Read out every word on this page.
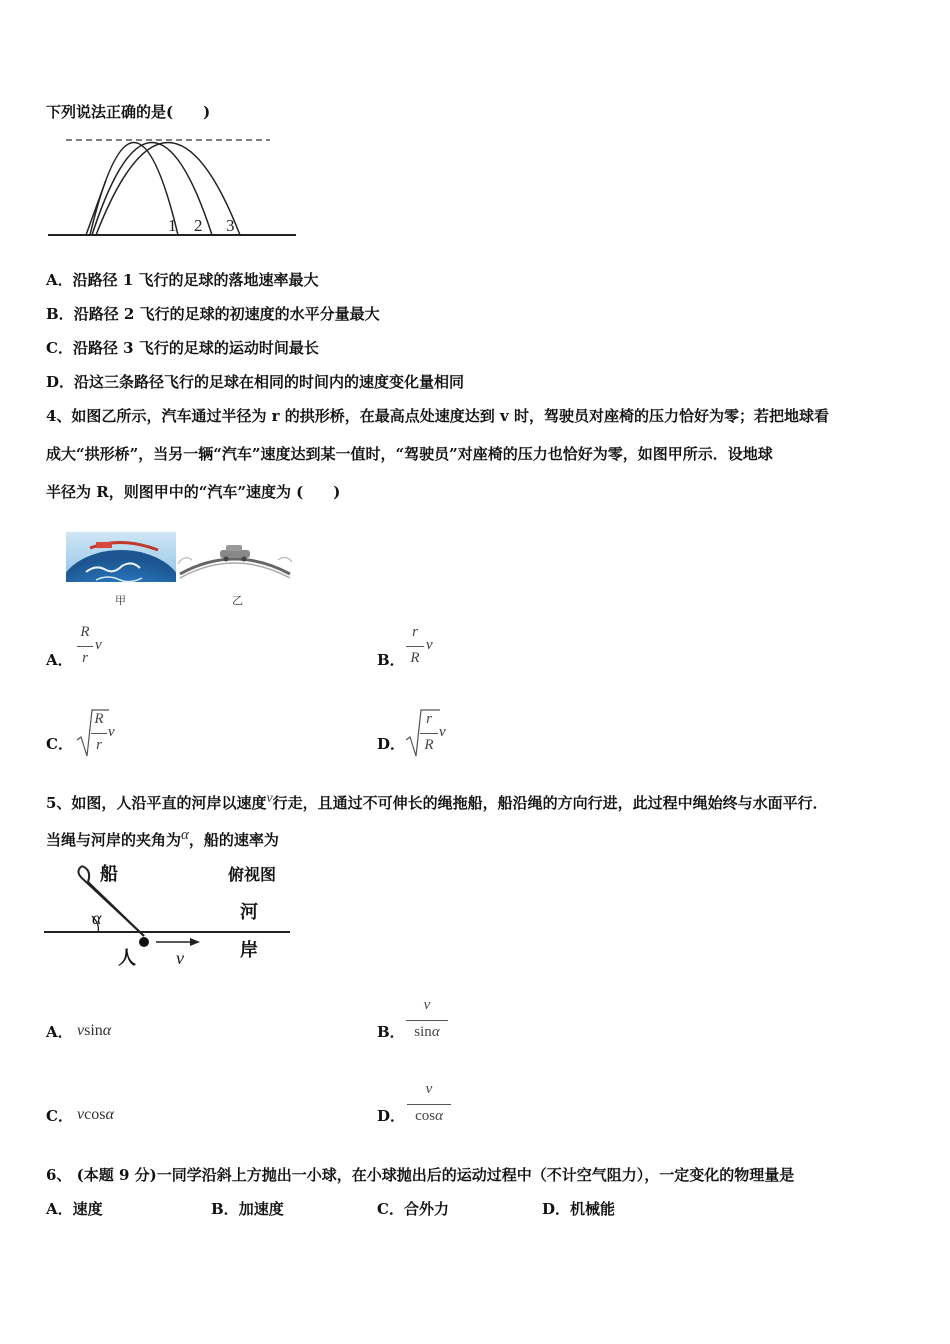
下列说法正确的是(　　)
1 2 3
A．沿路径 1 飞行的足球的落地速率最大
B．沿路径 2 飞行的足球的初速度的水平分量最大
C．沿路径 3 飞行的足球的运动时间最长
D．沿这三条路径飞行的足球在相同的时间内的速度变化量相同
4、如图乙所示，汽车通过半径为 r 的拱形桥，在最高点处速度达到 v 时，驾驶员对座椅的压力恰好为零；若把地球看
成大“拱形桥”，当另一辆“汽车”速度达到某一值时，“驾驶员”对座椅的压力也恰好为零，如图甲所示．设地球
半径为 R，则图甲中的“汽车”速度为 (　　)
甲	乙
A．
R
r
v
B．
r
R
v
C．
R
r
v
D．
r
R
v
5、如图，人沿平直的河岸以速度v行走，且通过不可伸长的绳拖船，船沿绳的方向行进，此过程中绳始终与水面平行．
当绳与河岸的夹角为α，船的速率为
船	俯视图
河
岸
人
α
v
A． vsinα	B．
v
sinα
C． vcosα	D．
v
cosα
6、 (本题 9 分)一同学沿斜上方抛出一小球，在小球抛出后的运动过程中（不计空气阻力），一定变化的物理量是
A．速度	B．加速度	C．合外力	D．机械能
